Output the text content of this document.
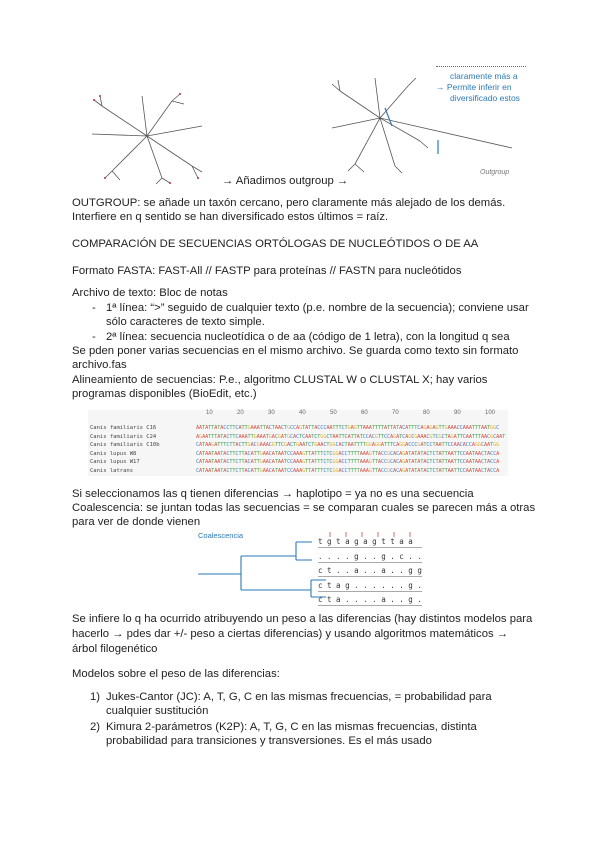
Outgroup
claramente más a
→ Permite inferir en
diversificado estos
→ Añadimos outgroup →
OUTGROUP: se añade un taxón cercano, pero claramente más alejado de los demás.
Interfiere en q sentido se han diversificado estos últimos = raíz.
COMPARACIÓN DE SECUENCIAS ORTÓLOGAS DE NUCLEÓTIDOS O DE AA
Formato FASTA: FAST-All // FASTP para proteínas // FASTN para nucleótidos
Archivo de texto: Bloc de notas
- 1ª línea: “>” seguido de cualquier texto (p.e. nombre de la secuencia); conviene usar
sólo caracteres de texto simple.
- 2ª línea: secuencia nucleotídica o de aa (código de 1 letra), con la longitud q sea
Se pden poner varias secuencias en el mismo archivo. Se guarda como texto sin formato
archivo.fas
Alineamiento de secuencias: P.e., algoritmo CLUSTAL W o CLUSTAL X; hay varios
programas disponibles (BioEdit, etc.)
10	20	30	40	50	60	70	80	90	100
Canis familiaris C16	AATATTATACCTTCATTGAAATTACTAACTGCCAGTATTACCCAATTTCTGAGTTAAATTTTATTATACATTTCAGAGAGTTGAAACCAAATTTAATGGC
Canis familiaris C24	AGAATTTATACTTCAAATTGAAATGACGATGCACTCAATCTGGCTAATTCATTATCCACGTTCCAGATCAGCGAAACGTCGCTAGATTCAATTTAACGCAAT
Canis familiaris C10b	CATAAGATTTCTTACTTGACGAAACGTTCGACTGAATCTGAACTGGCACTAATTTTGGAGGATTTCAGGACCCGATCCTAATTCCAACACCAGGCAATGG
Canis lupus W8	CATAATAATACTTCTTACATTGAACATAATCCAAAGTTATTTCTCGGACCTTTTAAAGTTACCGCACAGATATATACTCTATTAATTCCAATAACTACCA
Canis lupus W17	CATAATAATACTTCTTACATTGAACATAATCCAAAGTTATTTCTCGGACCTTTTAAAGTTACCGCACAGATATATACTCTATTAATTCCAATAACTACCA
Canis latrans	CATAATAATACTTCTTACATTGAACATAATCCAAAGTTATTTCTCGGACCTTTTAAAGTTACCGCACAGATATATACTCTATTAATTCCAATAACTACCA
Si seleccionamos las q tienen diferencias → haplotipo = ya no es una secuencia
Coalescencia: se juntan todas las secuencias = se comparan cuales se parecen más a otras
para ver de donde vienen
Coalescencia
t g t a g a g t t a a
. . . . g . . g . c . .
c t . . a . . a . . g g
c t a g . . . . . . g .
c t a . . . . a . . g .
Se infiere lo q ha ocurrido atribuyendo un peso a las diferencias (hay distintos modelos para
hacerlo → pdes dar +/- peso a ciertas diferencias) y usando algoritmos matemáticos →
árbol filogenético
Modelos sobre el peso de las diferencias:
1) Jukes-Cantor (JC): A, T, G, C en las mismas frecuencias, = probabilidad para
cualquier sustitución
2) Kimura 2-parámetros (K2P): A, T, G, C en las mismas frecuencias, distinta
probabilidad para transiciones y transversiones. Es el más usado
